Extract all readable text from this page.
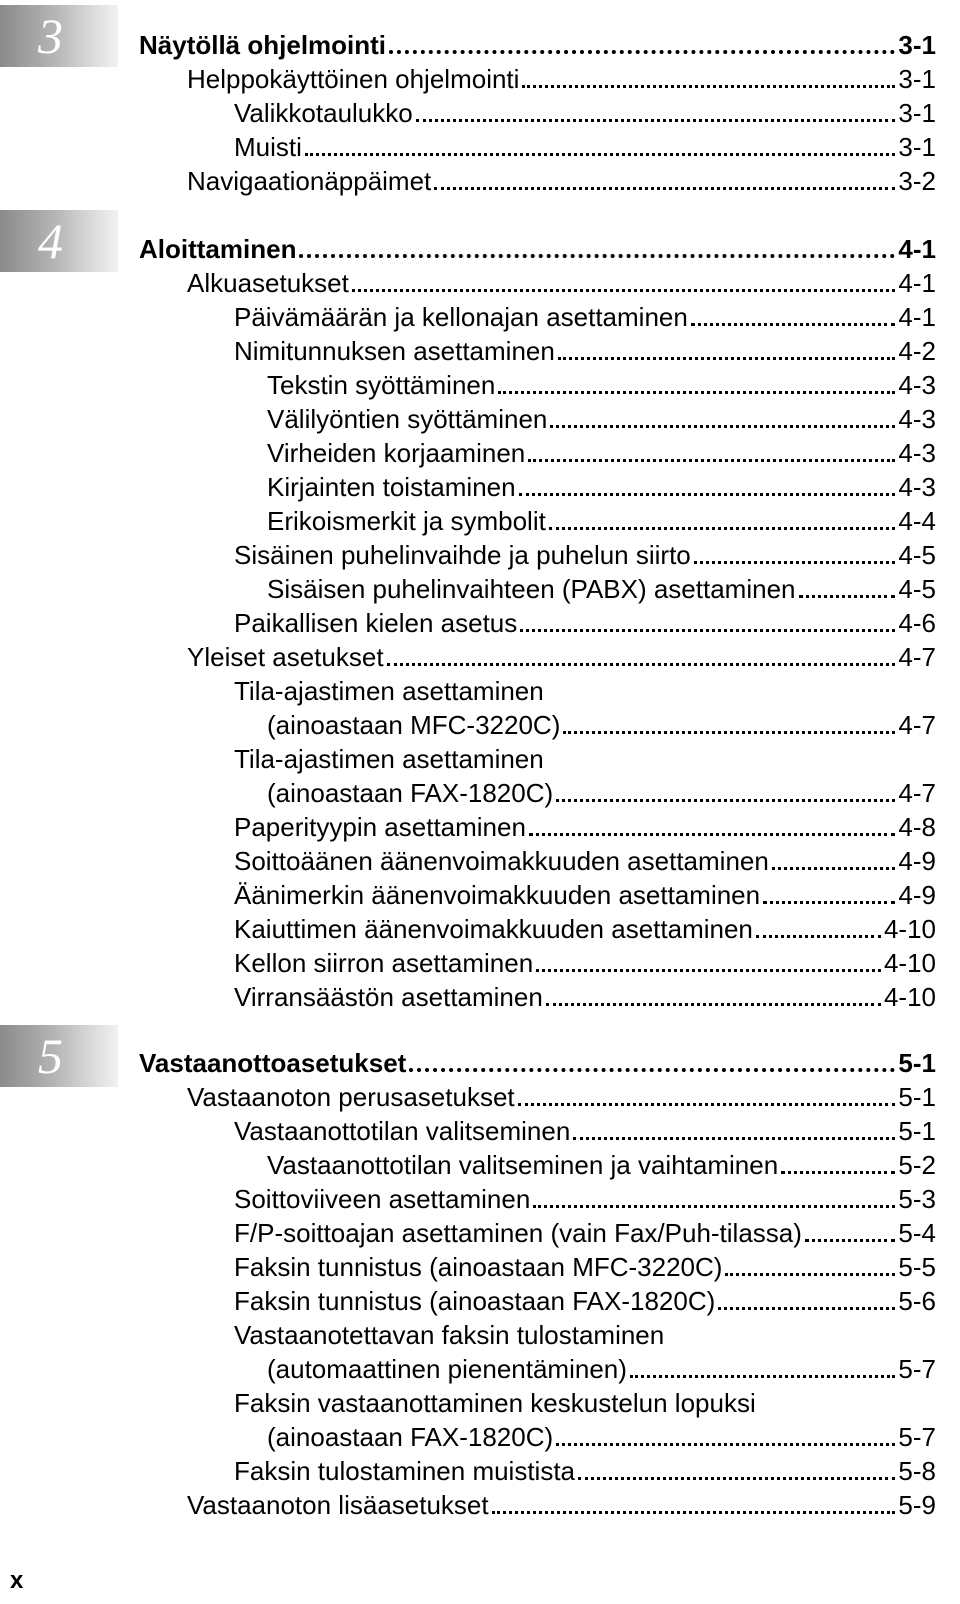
3
4
5
Näytöllä ohjelmointi	3-1
Helppokäyttöinen ohjelmointi	3-1
Valikkotaulukko	3-1
Muisti	3-1
Navigaationäppäimet	3-2
Aloittaminen	4-1
Alkuasetukset	4-1
Päivämäärän ja kellonajan asettaminen	4-1
Nimitunnuksen asettaminen	4-2
Tekstin syöttäminen	4-3
Välilyöntien syöttäminen	4-3
Virheiden korjaaminen	4-3
Kirjainten toistaminen	4-3
Erikoismerkit ja symbolit	4-4
Sisäinen puhelinvaihde ja puhelun siirto	4-5
Sisäisen puhelinvaihteen (PABX) asettaminen	4-5
Paikallisen kielen asetus	4-6
Yleiset asetukset	4-7
Tila-ajastimen asettaminen
(ainoastaan MFC-3220C)	4-7
Tila-ajastimen asettaminen
(ainoastaan FAX-1820C)	4-7
Paperityypin asettaminen	4-8
Soittoäänen äänenvoimakkuuden asettaminen	4-9
Äänimerkin äänenvoimakkuuden asettaminen	4-9
Kaiuttimen äänenvoimakkuuden asettaminen	4-10
Kellon siirron asettaminen	4-10
Virransäästön asettaminen	4-10
Vastaanottoasetukset	5-1
Vastaanoton perusasetukset	5-1
Vastaanottotilan valitseminen	5-1
Vastaanottotilan valitseminen ja vaihtaminen	5-2
Soittoviiveen asettaminen	5-3
F/P-soittoajan asettaminen (vain Fax/Puh-tilassa)	5-4
Faksin tunnistus (ainoastaan MFC-3220C)	5-5
Faksin tunnistus (ainoastaan FAX-1820C)	5-6
Vastaanotettavan faksin tulostaminen
(automaattinen pienentäminen)	5-7
Faksin vastaanottaminen keskustelun lopuksi
(ainoastaan FAX-1820C)	5-7
Faksin tulostaminen muistista	5-8
Vastaanoton lisäasetukset	5-9
x
